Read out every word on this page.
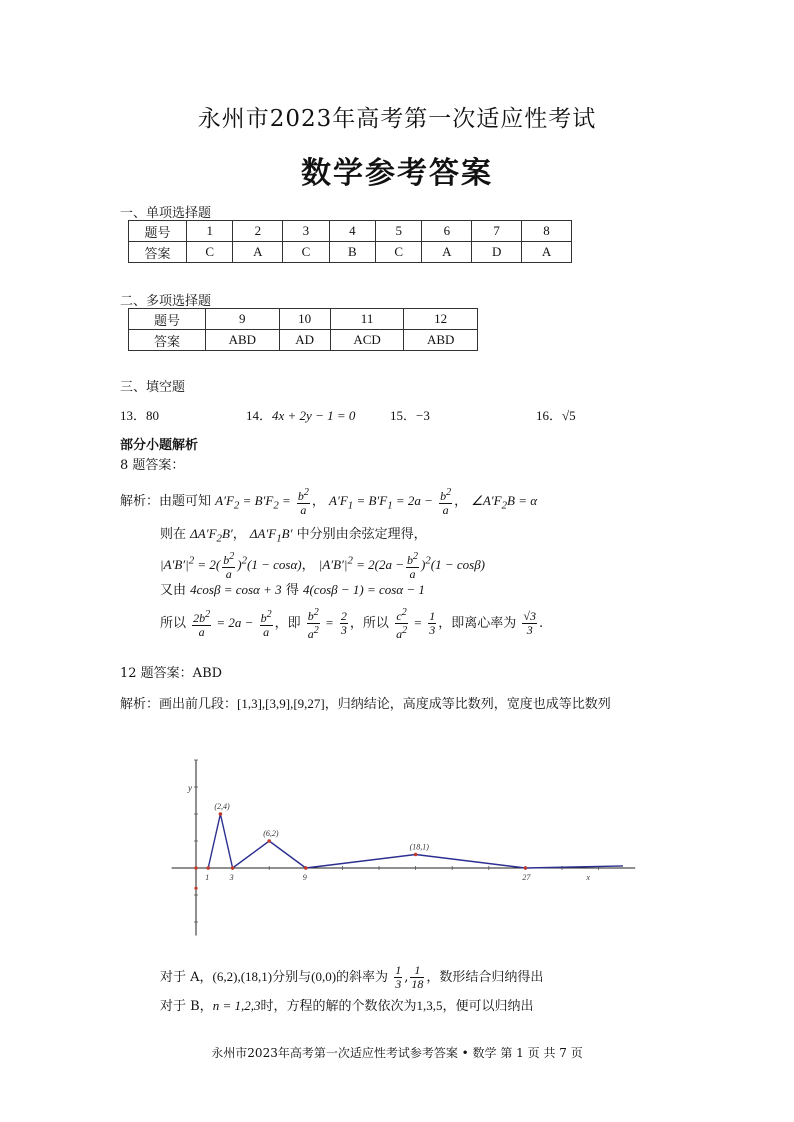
永州市2023年高考第一次适应性考试
数学参考答案
一、单项选择题
题号	1	2	3	4	5	6	7	8
答案	C	A	C	B	C	A	D	A
二、多项选择题
题号	9	10	11	12
答案	ABD	AD	ACD	ABD
三、填空题
13．80	14．4x + 2y − 1 = 0	15．−3	16．√5
部分小题解析
8 题答案：
解析：由题可知 $A'F_2 = B'F_2 = \frac{b^2}{a}$ ， $A'F_1 = B'F_1 = 2a - \frac{b^2}{a}$ ， $\angle A'F_2B = \alpha$
则在 $\Delta A'F_2B'$， $\Delta A'F_1B'$ 中分别由余弦定理得，
$|A'B'|^2 = 2( \frac{b^2}{a} )^2(1 - \cos\alpha)$， $|A'B'|^2 = 2(2a - \frac{b^2}{a} )^2(1 - \cos\beta)$
又由 4cosβ = cosα + 3 得 4(cosβ − 1) = cosα − 1
所以 $\frac{2b^2}{a} = 2a - \frac{b^2}{a}$ ，即 $\frac{b^2}{a^2} = \frac{2}{3}$ ，所以 $\frac{c^2}{a^2} = \frac{1}{3}$ ，即离心率为 $\frac{√3}{3}$ .
12 题答案：ABD
解析：画出前几段：[1,3],[3,9],[9,27]，归纳结论，高度成等比数列，宽度也成等比数列
y
x
(2,4)
(6,2)
(18,1)
1	3	9	27
对于 A，(6,2),(18,1)分别与(0,0)的斜率为 $\frac{1}{3}$ , $\frac{1}{18}$ ，数形结合归纳得出
对于 B，n = 1,2,3时，方程的解的个数依次为1,3,5，便可以归纳出
永州市2023年高考第一次适应性考试参考答案 • 数学 第 1 页 共 7 页
